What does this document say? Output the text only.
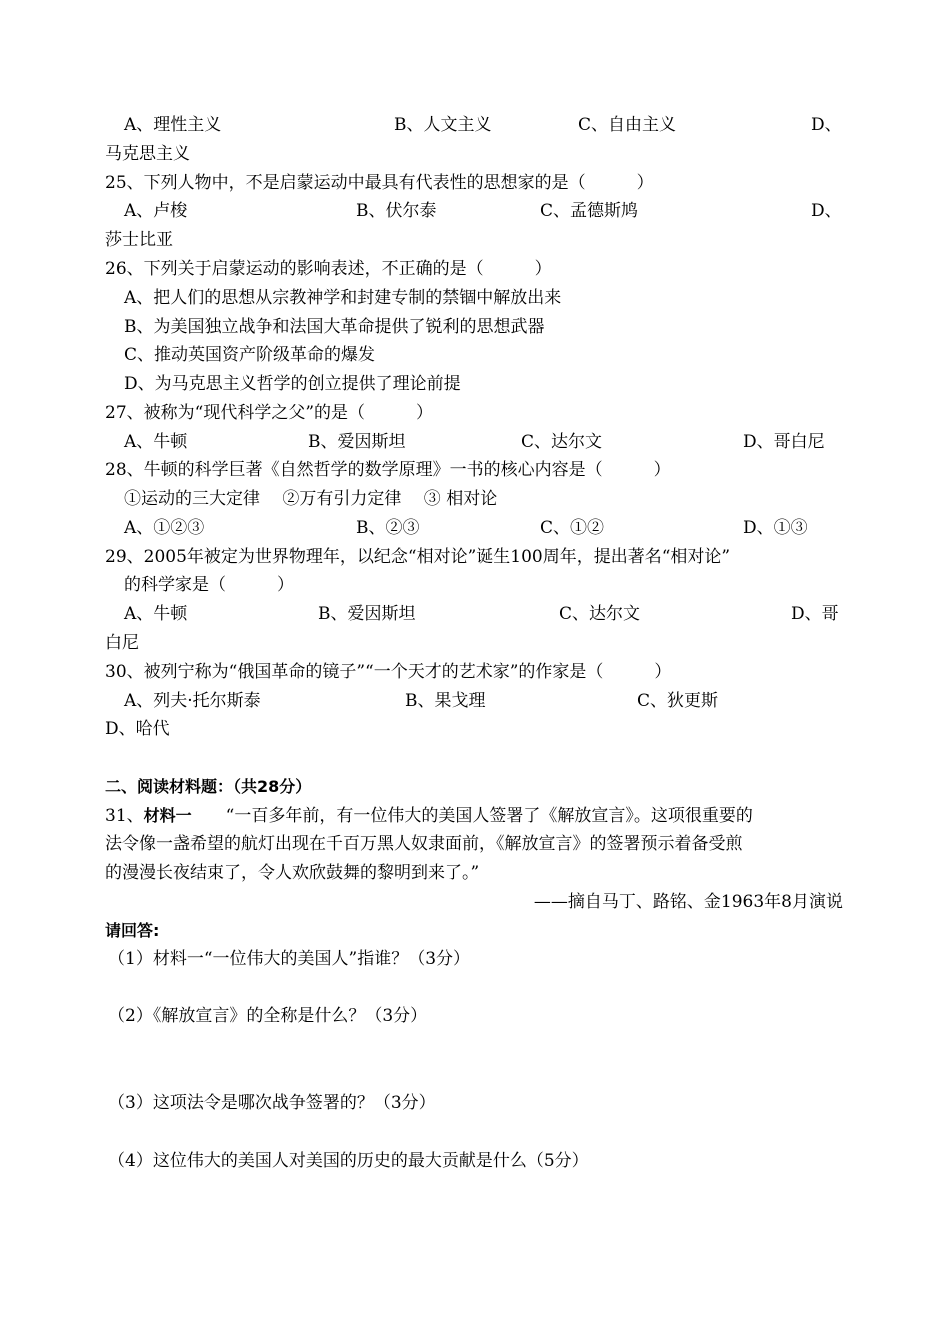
A、理性主义	B、人文主义	C、自由主义	D、
马克思主义
25、下列人物中，不是启蒙运动中最具有代表性的思想家的是（　　　）
A、卢梭	B、伏尔泰	C、孟德斯鸠	D、
莎士比亚
26、下列关于启蒙运动的影响表述，不正确的是（　　　）
A、把人们的思想从宗教神学和封建专制的禁锢中解放出来
B、为美国独立战争和法国大革命提供了锐利的思想武器
C、推动英国资产阶级革命的爆发
D、为马克思主义哲学的创立提供了理论前提
27、被称为“现代科学之父”的是（　　　）
A、牛顿	B、爱因斯坦	C、达尔文	D、哥白尼
28、牛顿的科学巨著《自然哲学的数学原理》一书的核心内容是（　　　）
①运动的三大定律　 ②万有引力定律　 ③ 相对论
A、①②③	B、②③	C、①②	D、①③
29、2005年被定为世界物理年，以纪念“相对论”诞生100周年，提出著名“相对论”
的科学家是（　　　）
A、牛顿	B、爱因斯坦	C、达尔文	D、哥
白尼
30、被列宁称为“俄国革命的镜子”“一个天才的艺术家”的作家是（　　　）
A、列夫·托尔斯泰	B、果戈理	C、狄更斯
D、哈代
二、阅读材料题：（共28分）
31、材料一 “一百多年前，有一位伟大的美国人签署了《解放宣言》。这项很重要的
法令像一盏希望的航灯出现在千百万黑人奴隶面前，《解放宣言》的签署预示着备受煎
的漫漫长夜结束了，令人欢欣鼓舞的黎明到来了。”
——摘自马丁、路铭、金1963年8月演说
请回答:
（1）材料一“一位伟大的美国人”指谁？（3分）
（2）《解放宣言》的全称是什么？（3分）
（3）这项法令是哪次战争签署的？（3分）
（4）这位伟大的美国人对美国的历史的最大贡献是什么（5分）
